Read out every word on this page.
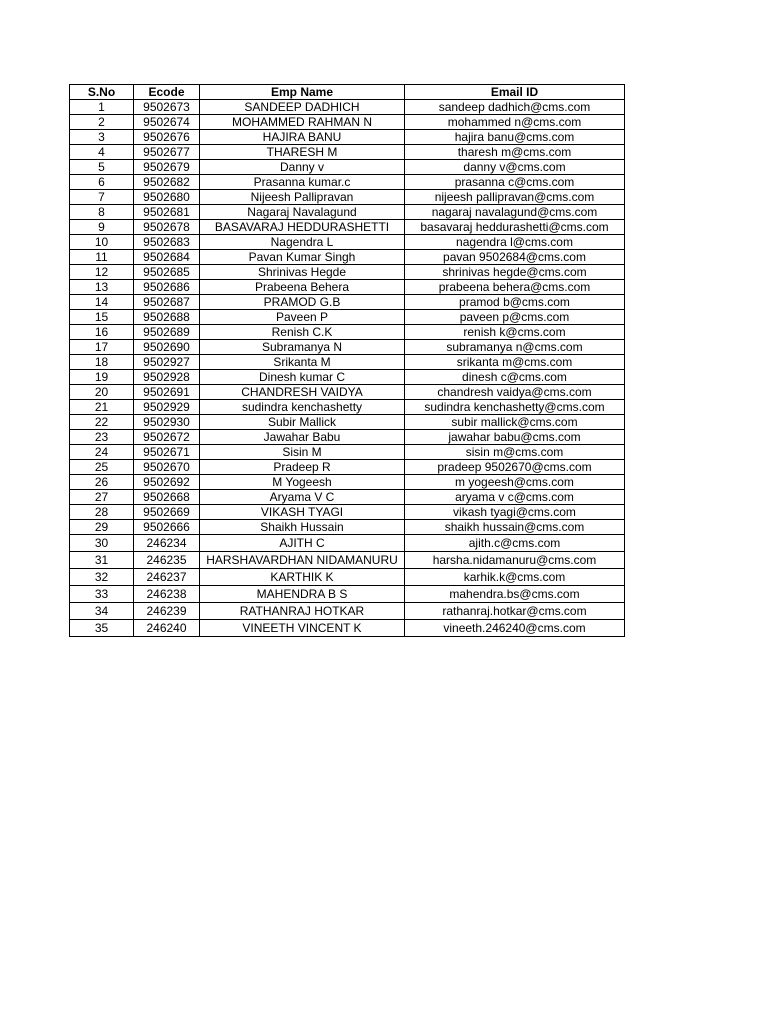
S.No	Ecode	Emp Name	Email ID
1	9502673	SANDEEP DADHICH	sandeep dadhich@cms.com
2	9502674	MOHAMMED RAHMAN N	mohammed n@cms.com
3	9502676	HAJIRA BANU	hajira banu@cms.com
4	9502677	THARESH M	tharesh m@cms.com
5	9502679	Danny v	danny v@cms.com
6	9502682	Prasanna kumar.c	prasanna c@cms.com
7	9502680	Nijeesh Pallipravan	nijeesh pallipravan@cms.com
8	9502681	Nagaraj Navalagund	nagaraj navalagund@cms.com
9	9502678	BASAVARAJ HEDDURASHETTI	basavaraj heddurashetti@cms.com
10	9502683	Nagendra L	nagendra l@cms.com
11	9502684	Pavan Kumar Singh	pavan 9502684@cms.com
12	9502685	Shrinivas Hegde	shrinivas hegde@cms.com
13	9502686	Prabeena Behera	prabeena behera@cms.com
14	9502687	PRAMOD G.B	pramod b@cms.com
15	9502688	Paveen P	paveen p@cms.com
16	9502689	Renish C.K	renish k@cms.com
17	9502690	Subramanya N	subramanya n@cms.com
18	9502927	Srikanta M	srikanta m@cms.com
19	9502928	Dinesh kumar C	dinesh c@cms.com
20	9502691	CHANDRESH VAIDYA	chandresh vaidya@cms.com
21	9502929	sudindra kenchashetty	sudindra kenchashetty@cms.com
22	9502930	Subir Mallick	subir mallick@cms.com
23	9502672	Jawahar Babu	jawahar babu@cms.com
24	9502671	Sisin M	sisin m@cms.com
25	9502670	Pradeep R	pradeep 9502670@cms.com
26	9502692	M Yogeesh	m yogeesh@cms.com
27	9502668	Aryama V C	aryama v c@cms.com
28	9502669	VIKASH TYAGI	vikash tyagi@cms.com
29	9502666	Shaikh Hussain	shaikh hussain@cms.com
30	246234	AJITH C	ajith.c@cms.com
31	246235	HARSHAVARDHAN NIDAMANURU	harsha.nidamanuru@cms.com
32	246237	KARTHIK K	karhik.k@cms.com
33	246238	MAHENDRA B S	mahendra.bs@cms.com
34	246239	RATHANRAJ HOTKAR	rathanraj.hotkar@cms.com
35	246240	VINEETH VINCENT K	vineeth.246240@cms.com
